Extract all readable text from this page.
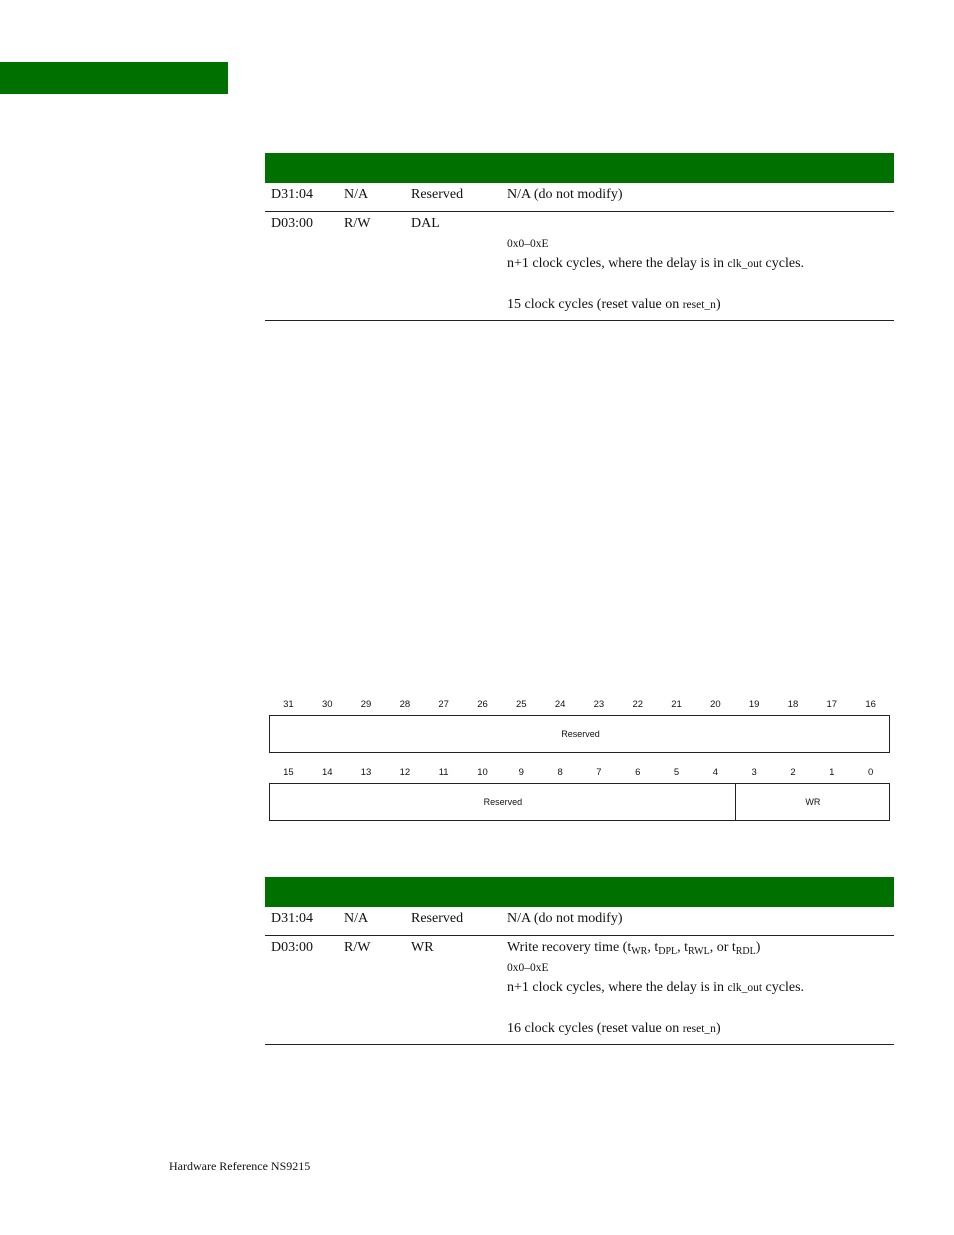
D31:04 N/A	Reserved	N/A (do not modify)
D03:00 R/W	DAL
0x0–0xE
n+1 clock cycles, where the delay is in clk_out cycles.
15 clock cycles (reset value on reset_n)
31	30	29	28	27	26	25	24	23	22	21	20	19	18	17	16
Reserved
15	14	13	12	11	10	9	8	7	6	5	4	3	2	1	0
Reserved	WR
D31:04 N/A	Reserved	N/A (do not modify)
D03:00 R/W	WR	Write recovery time ($t_{WR}$, $t_{DPL}$, $t_{RWL}$, or $t_{RDL}$)
0x0–0xE
n+1 clock cycles, where the delay is in clk_out cycles.
16 clock cycles (reset value on reset_n)
Hardware Reference NS9215
